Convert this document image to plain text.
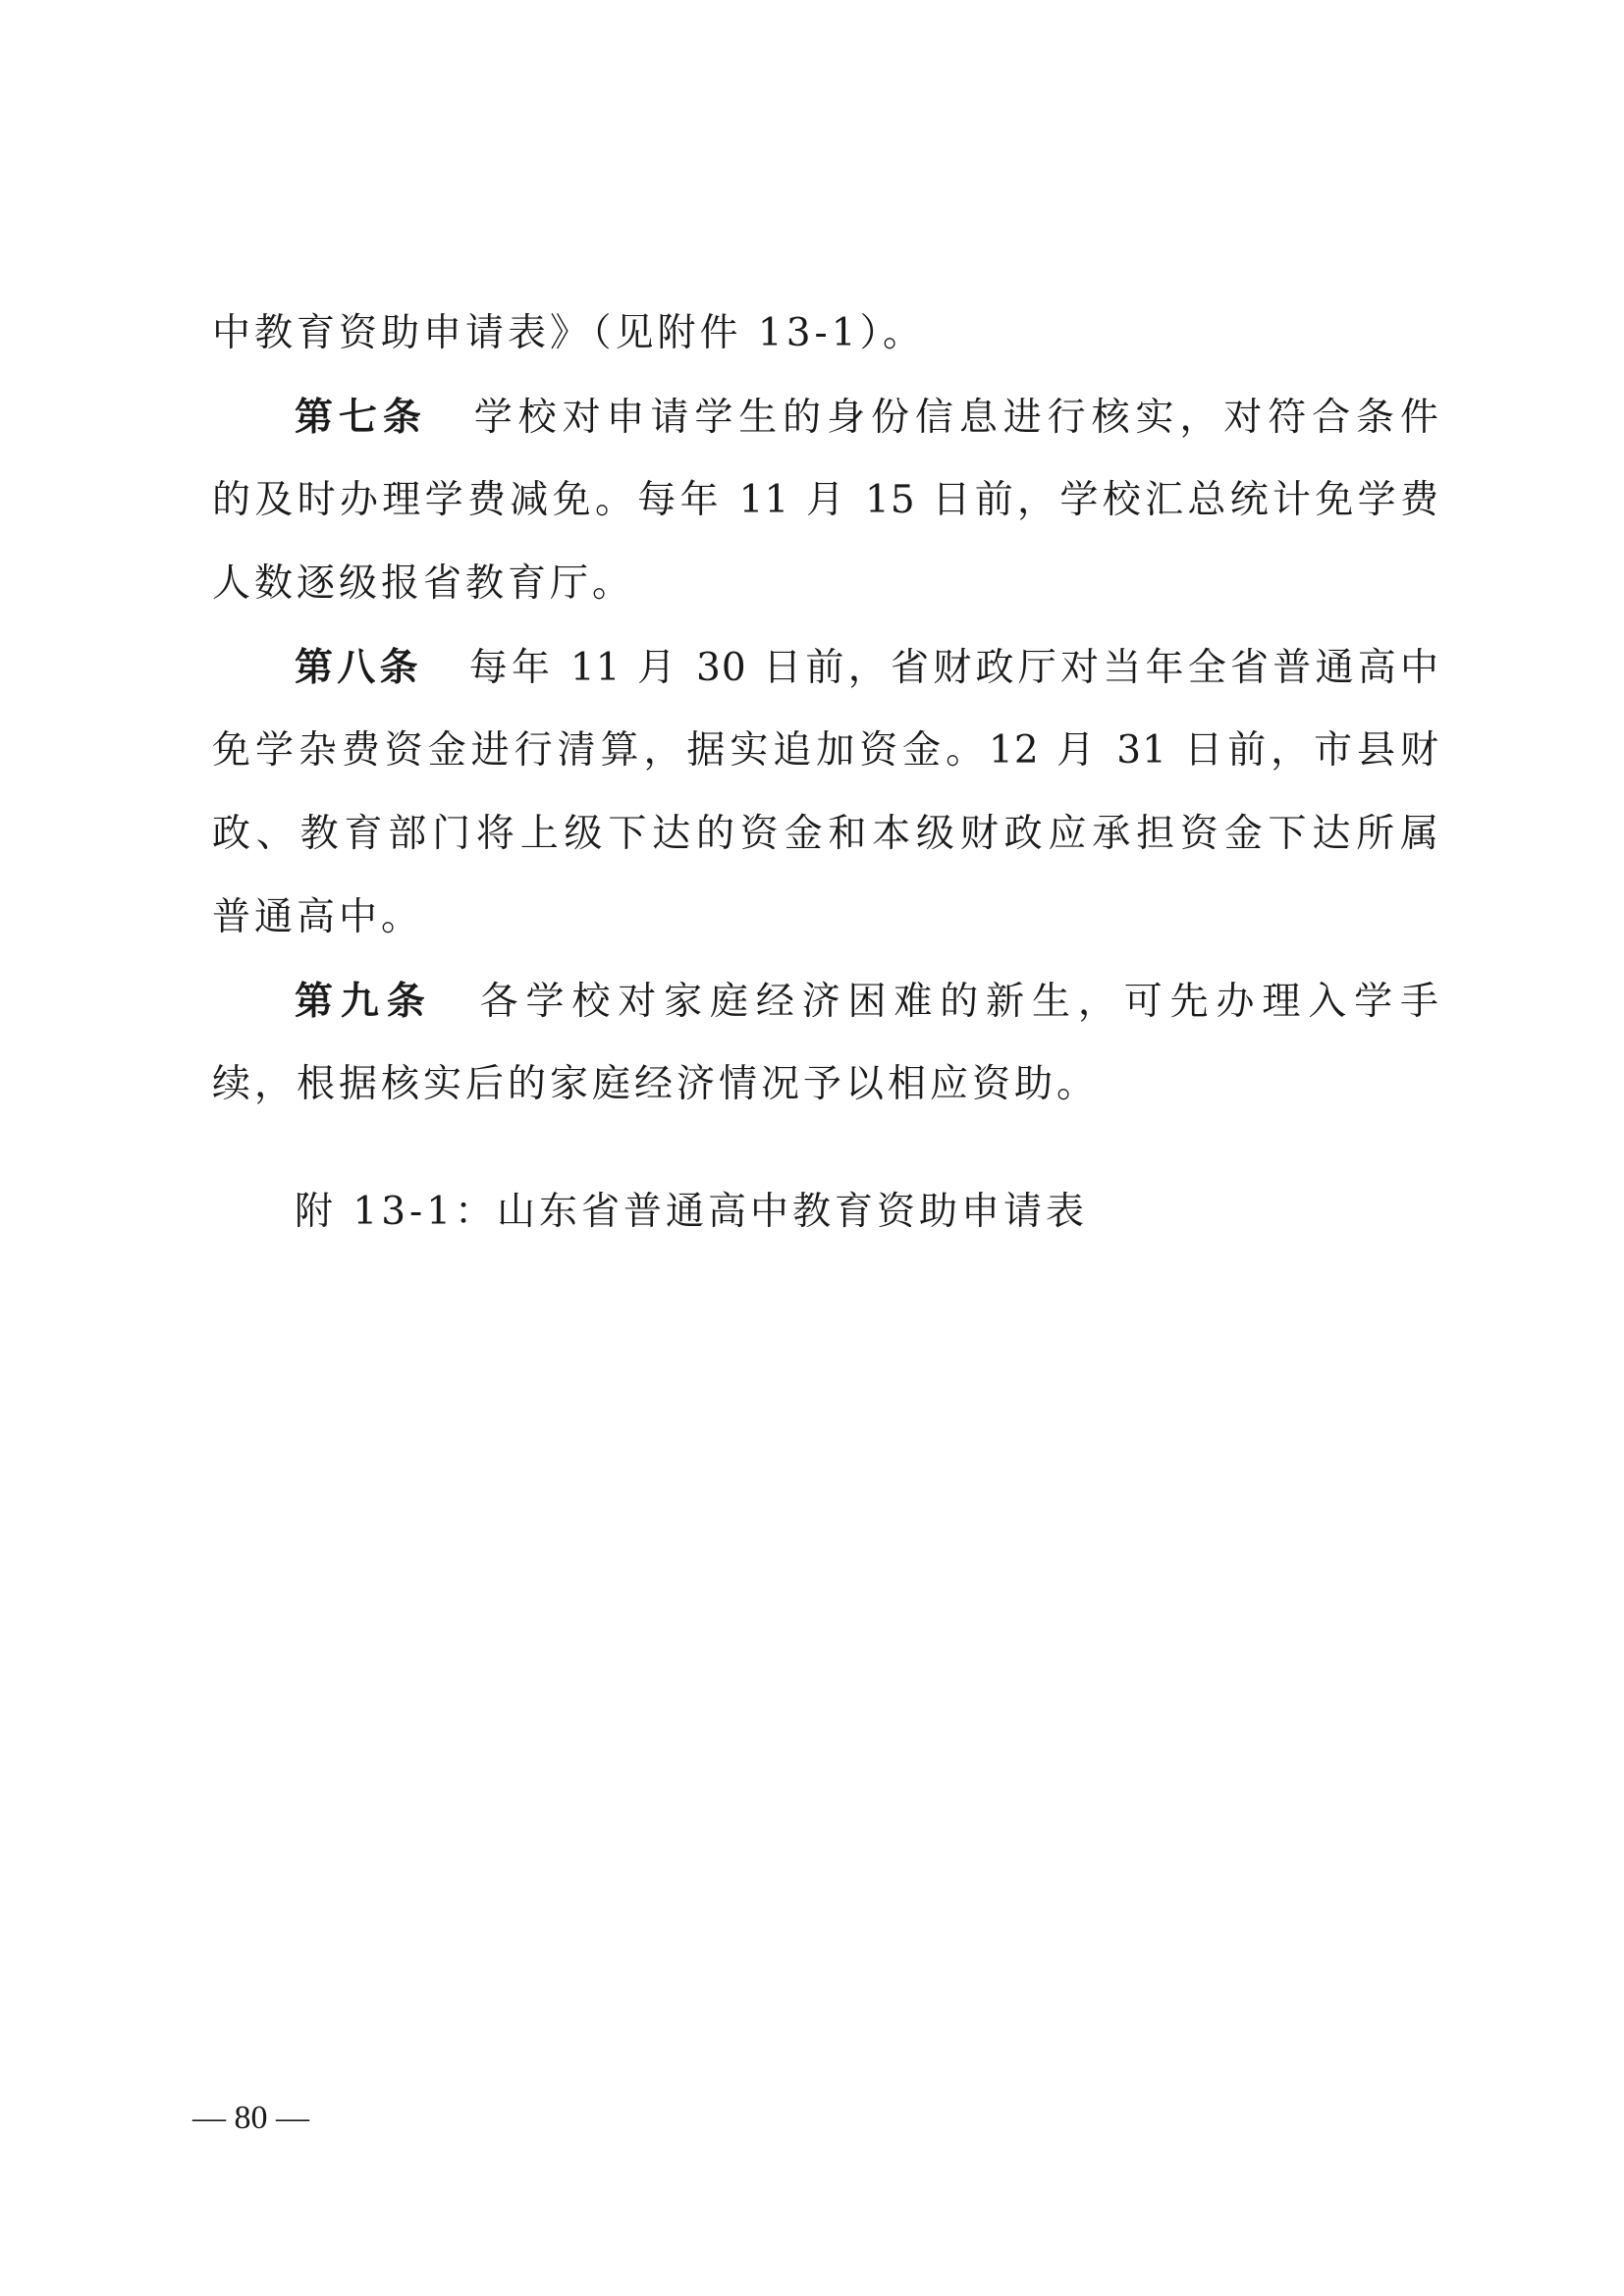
中教育资助申请表》（见附件 13-1）。
第七条 学校对申请学生的身份信息进行核实，对符合条件
的及时办理学费减免。每年 11 月 15 日前，学校汇总统计免学费
人数逐级报省教育厅。
第八条 每年 11 月 30 日前，省财政厅对当年全省普通高中
免学杂费资金进行清算，据实追加资金。12 月 31 日前，市县财
政、教育部门将上级下达的资金和本级财政应承担资金下达所属
普通高中。
第九条 各学校对家庭经济困难的新生，可先办理入学手
续，根据核实后的家庭经济情况予以相应资助。
附 13-1：山东省普通高中教育资助申请表
— 80 —
